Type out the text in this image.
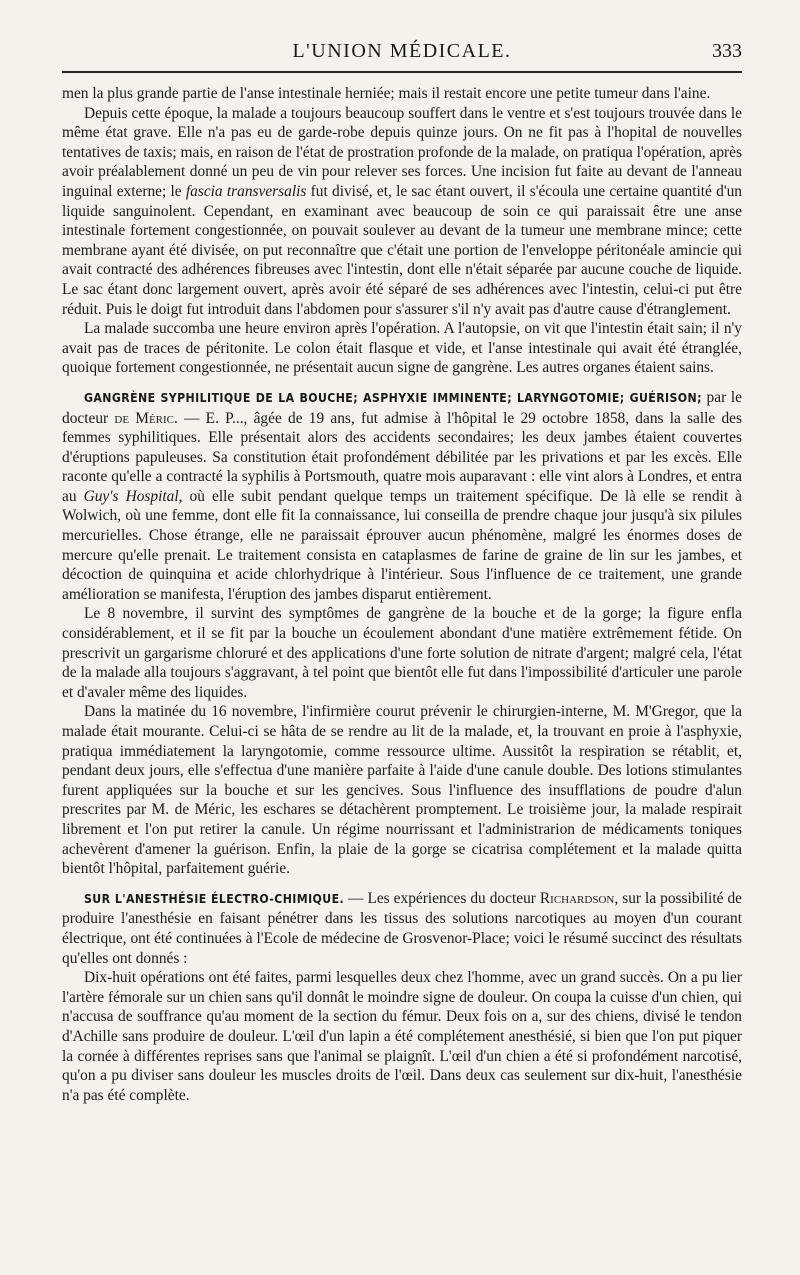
L'UNION MÉDICALE.	333

men la plus grande partie de l'anse intestinale herniée; mais il restait encore une petite tumeur dans l'aine.

Depuis cette époque, la malade a toujours beaucoup souffert dans le ventre et s'est toujours trouvée dans le même état grave. Elle n'a pas eu de garde-robe depuis quinze jours. On ne fit pas à l'hopital de nouvelles tentatives de taxis; mais, en raison de l'état de prostration profonde de la malade, on pratiqua l'opération, après avoir préalablement donné un peu de vin pour relever ses forces. Une incision fut faite au devant de l'anneau inguinal externe; le fascia transversalis fut divisé, et, le sac étant ouvert, il s'écoula une certaine quantité d'un liquide sanguinolent. Cependant, en examinant avec beaucoup de soin ce qui paraissait être une anse intestinale fortement congestionnée, on pouvait soulever au devant de la tumeur une membrane mince; cette membrane ayant été divisée, on put reconnaître que c'était une portion de l'enveloppe péritonéale amincie qui avait contracté des adhérences fibreuses avec l'intestin, dont elle n'était séparée par aucune couche de liquide. Le sac étant donc largement ouvert, après avoir été séparé de ses adhérences avec l'intestin, celui-ci put être réduit. Puis le doigt fut introduit dans l'abdomen pour s'assurer s'il n'y avait pas d'autre cause d'étranglement.

La malade succomba une heure environ après l'opération. A l'autopsie, on vit que l'intestin était sain; il n'y avait pas de traces de péritonite. Le colon était flasque et vide, et l'anse intestinale qui avait été étranglée, quoique fortement congestionnée, ne présentait aucun signe de gangrène. Les autres organes étaient sains.

GANGRÈNE SYPHILITIQUE DE LA BOUCHE; ASPHYXIE IMMINENTE; LARYNGOTOMIE; GUÉRISON; par le docteur de Méric. — E. P..., âgée de 19 ans, fut admise à l'hôpital le 29 octobre 1858, dans la salle des femmes syphilitiques. Elle présentait alors des accidents secondaires; les deux jambes étaient couvertes d'éruptions papuleuses. Sa constitution était profondément débilitée par les privations et par les excès. Elle raconte qu'elle a contracté la syphilis à Portsmouth, quatre mois auparavant : elle vint alors à Londres, et entra au Guy's Hospital, où elle subit pendant quelque temps un traitement spécifique. De là elle se rendit à Wolwich, où une femme, dont elle fit la connaissance, lui conseilla de prendre chaque jour jusqu'à six pilules mercurielles. Chose étrange, elle ne paraissait éprouver aucun phénomène, malgré les énormes doses de mercure qu'elle prenait. Le traitement consista en cataplasmes de farine de graine de lin sur les jambes, et décoction de quinquina et acide chlorhydrique à l'intérieur. Sous l'influence de ce traitement, une grande amélioration se manifesta, l'éruption des jambes disparut entièrement.

Le 8 novembre, il survint des symptômes de gangrène de la bouche et de la gorge; la figure enfla considérablement, et il se fit par la bouche un écoulement abondant d'une matière extrêmement fétide. On prescrivit un gargarisme chloruré et des applications d'une forte solution de nitrate d'argent; malgré cela, l'état de la malade alla toujours s'aggravant, à tel point que bientôt elle fut dans l'impossibilité d'articuler une parole et d'avaler même des liquides.

Dans la matinée du 16 novembre, l'infirmière courut prévenir le chirurgien-interne, M. M'Gregor, que la malade était mourante. Celui-ci se hâta de se rendre au lit de la malade, et, la trouvant en proie à l'asphyxie, pratiqua immédiatement la laryngotomie, comme ressource ultime. Aussitôt la respiration se rétablit, et, pendant deux jours, elle s'effectua d'une manière parfaite à l'aide d'une canule double. Des lotions stimulantes furent appliquées sur la bouche et sur les gencives. Sous l'influence des insufflations de poudre d'alun prescrites par M. de Méric, les eschares se détachèrent promptement. Le troisième jour, la malade respirait librement et l'on put retirer la canule. Un régime nourrissant et l'administrarion de médicaments toniques achevèrent d'amener la guérison. Enfin, la plaie de la gorge se cicatrisa complétement et la malade quitta bientôt l'hôpital, parfaitement guérie.

SUR L'ANESTHÉSIE ÉLECTRO-CHIMIQUE. — Les expériences du docteur Richardson, sur la possibilité de produire l'anesthésie en faisant pénétrer dans les tissus des solutions narcotiques au moyen d'un courant électrique, ont été continuées à l'Ecole de médecine de Grosvenor-Place; voici le résumé succinct des résultats qu'elles ont donnés :

Dix-huit opérations ont été faites, parmi lesquelles deux chez l'homme, avec un grand succès. On a pu lier l'artère fémorale sur un chien sans qu'il donnât le moindre signe de douleur. On coupa la cuisse d'un chien, qui n'accusa de souffrance qu'au moment de la section du fémur. Deux fois on a, sur des chiens, divisé le tendon d'Achille sans produire de douleur. L'œil d'un lapin a été complétement anesthésié, si bien que l'on put piquer la cornée à différentes reprises sans que l'animal se plaignît. L'œil d'un chien a été si profondément narcotisé, qu'on a pu diviser sans douleur les muscles droits de l'œil. Dans deux cas seulement sur dix-huit, l'anesthésie n'a pas été complète.
